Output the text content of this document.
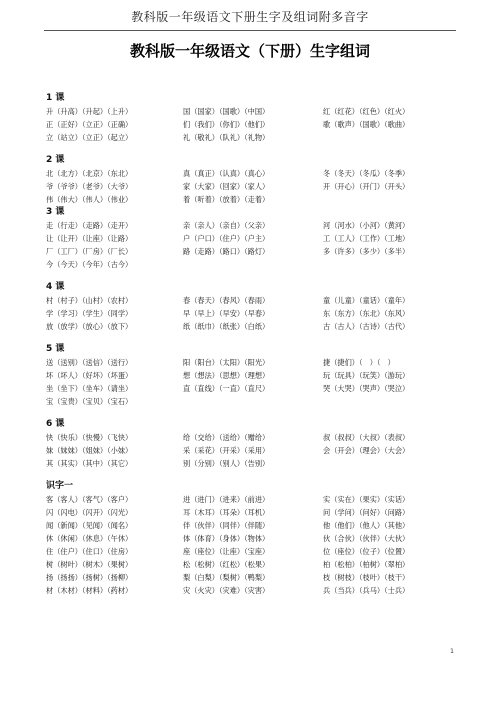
教科版一年级语文下册生字及组词附多音字
教科版一年级语文（下册）生字组词
1 课
升（升高）（升起）（上升）	国（国家）（国歌）（中国）	红（红花）（红色）（红火）
正（正好）（立正）（正确）	们（我们）（你们）（他们）	歌（歌声）（国歌）（歌曲）
立（站立）（立正）（起立）	礼（敬礼）（队礼）（礼物）
2 课
北（北方）（北京）（东北）	真（真正）（认真）（真心）	冬（冬天）（冬瓜）（冬季）
爷（爷爷）（老爷）（大爷）	家（大家）（回家）（家人）	开（开心）（开门）（开头）
伟（伟大）（伟人）（伟业）	着（听着）（放着）（走着）
3 课
走（行走）（走路）（走开）	亲（亲人）（亲自）（父亲）	河（河水）（小河）（黄河）
让（让开）（让座）（让路）	户（户口）（住户）（户主）	工（工人）（工作）（工地）
厂（工厂）（厂房）（厂长）	路（走路）（路口）（路灯）	多（许多）（多少）（多半）
今（今天）（今年）（古今）
4 课
村（村子）（山村）（农村）	春（春天）（春风）（春雨）	童（儿童）（童话）（童年）
学（学习）（学生）（同学）	早（早上）（早安）（早春）	东（东方）（东北）（东风）
放（放学）（放心）（放下）	纸（纸巾）（纸张）（白纸）	古（古人）（古诗）（古代）
5 课
送（送别）（送信）（送行）	阳（阳台）（太阳）（阳光）	捷（捷们）（　）（　）
坏（坏人）（好坏）（坏蛋）	想（想法）（思想）（理想）	玩（玩具）（玩笑）（游玩）
坐（坐下）（坐车）（请坐）	直（直线）（一直）（直尺）	哭（大哭）（哭声）（哭泣）
宝（宝贵）（宝贝）（宝石）
6 课
快（快乐）（快慢）（飞快）	给（交给）（送给）（赠给）	叔（叔叔）（大叔）（表叔）
妹（妹妹）（姐妹）（小妹）	采（采花）（开采）（采用）	会（开会）（理会）（大会）
其（其实）（其中）（其它）	别（分别）（别人）（告别）
识字一
客（客人）（客气）（客户）	进（进门）（进来）（前进）	实（实在）（果实）（实话）
闪（闪电）（闪开）（闪光）	耳（木耳）（耳朵）（耳机）	问（学问）（问好）（问路）
闻（新闻）（见闻）（闻名）	伴（伙伴）（同伴）（伴随）	他（他们）（他人）（其他）
休（休闲）（休息）（午休）	体（体育）（身体）（物体）	伙（合伙）（伙伴）（大伙）
住（住户）（住口）（住房）	座（座位）（让座）（宝座）	位（座位）（位子）（位置）
树（树叶）（树木）（果树）	松（松树）（红松）（松果）	柏（松柏）（柏树）（翠柏）
扬（扬扬）（扬树）（扬柳）	梨（白梨）（梨树）（鸭梨）	枝（树枝）（枝叶）（枝干）
材（木材）（材料）（药材）	灾（火灾）（灾难）（灾害）	兵（当兵）（兵马）（士兵）
1
